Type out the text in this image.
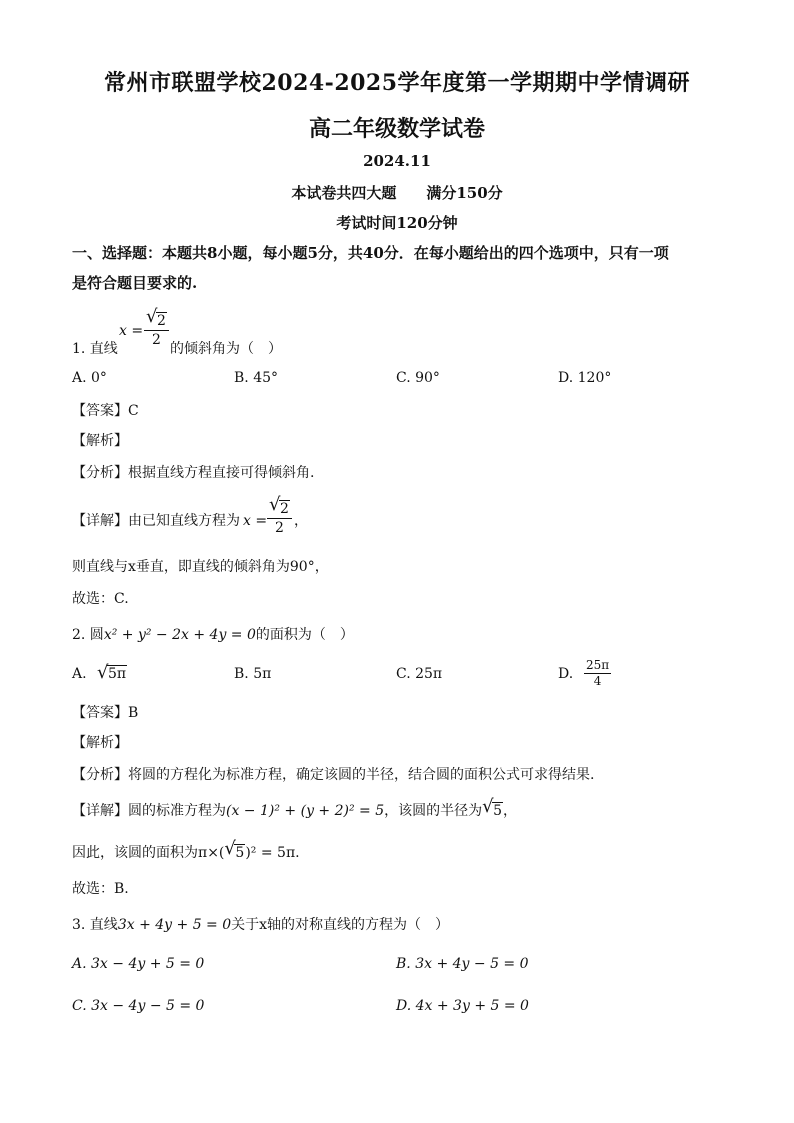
常州市联盟学校2024-2025学年度第一学期期中学情调研
高二年级数学试卷
2024.11
本试卷共四大题　　满分150分
考试时间120分钟
一、选择题：本题共8小题，每小题5分，共40分．在每小题给出的四个选项中，只有一项
是符合题目要求的.
1. 直线
$x = \frac{√ 2}{2}$ 的倾斜角为（　）
A. 0°	B. 45°	C. 90°	D. 120°
【答案】C
【解析】
【分析】根据直线方程直接可得倾斜角.
【详解】 由已知直线方程为 $x = \frac{√ 2}{2}$ ，
则直线与x垂直，即直线的倾斜角为90°，
故选：C.
2. 圆x² + y² − 2x + 4y = 0的面积为（　）
A. √ 5π	B. 5π	C. 25π	D. $\frac{25\pi}{4}$
【答案】B
【解析】
【分析】将圆的方程化为标准方程，确定该圆的半径，结合圆的面积公式可求得结果.
【详解】圆的标准方程为(x − 1)² + (y + 2)² = 5，该圆的半径为 √ 5，
因此，该圆的面积为π×( √ 5)² = 5π.
故选：B.
3. 直线3x + 4y + 5 = 0关于x轴的对称直线的方程为（　）
A. 3x − 4y + 5 = 0	B. 3x + 4y − 5 = 0
C. 3x − 4y − 5 = 0	D. 4x + 3y + 5 = 0
